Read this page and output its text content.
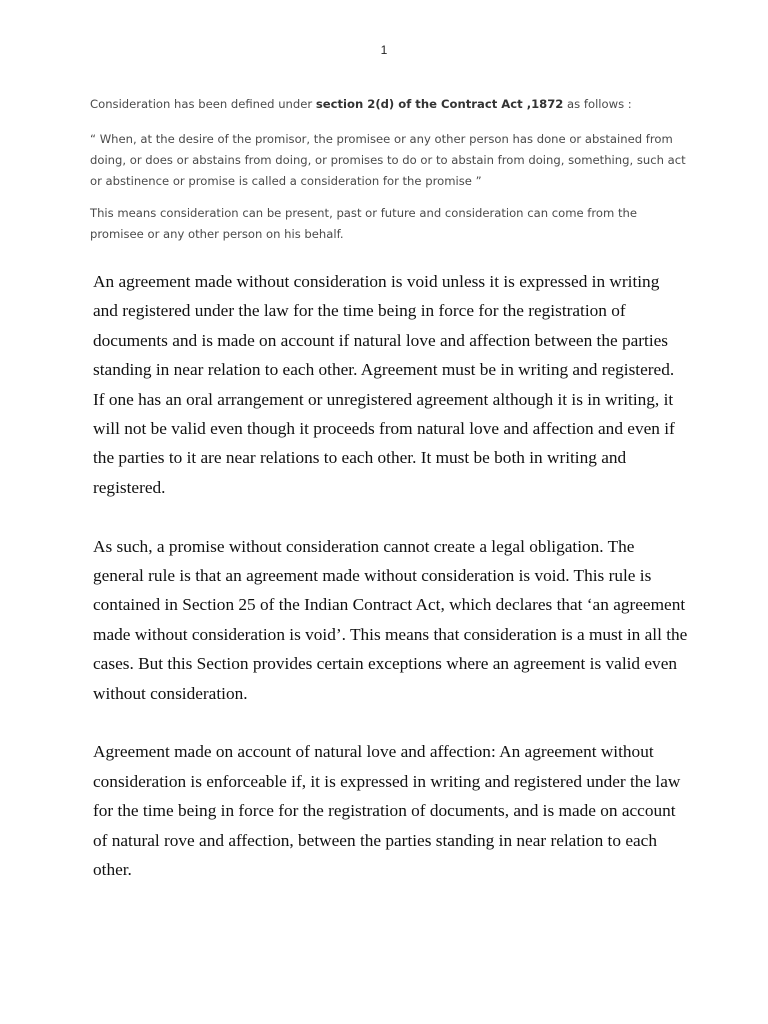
1

Consideration has been defined under section 2(d) of the Contract Act ,1872 as follows :

“ When, at the desire of the promisor, the promisee or any other person has done or abstained from doing, or does or abstains from doing, or promises to do or to abstain from doing, something, such act or abstinence or promise is called a consideration for the promise ”

This means consideration can be present, past or future and consideration can come from the promisee or any other person on his behalf.

An agreement made without consideration is void unless it is expressed in writing and registered under the law for the time being in force for the registration of documents and is made on account if natural love and affection between the parties standing in near relation to each other. Agreement must be in writing and registered. If one has an oral arrangement or unregistered agreement although it is in writing, it will not be valid even though it proceeds from natural love and affection and even if the parties to it are near relations to each other. It must be both in writing and registered.

As such, a promise without consideration cannot create a legal obligation. The general rule is that an agreement made without consideration is void. This rule is contained in Section 25 of the Indian Contract Act, which declares that ‘an agreement made without consideration is void’. This means that consideration is a must in all the cases. But this Section provides certain exceptions where an agreement is valid even without consideration.

Agreement made on account of natural love and affection: An agreement without consideration is enforceable if, it is expressed in writing and registered under the law for the time being in force for the registration of documents, and is made on account of natural rove and affection, between the parties standing in near relation to each other.
